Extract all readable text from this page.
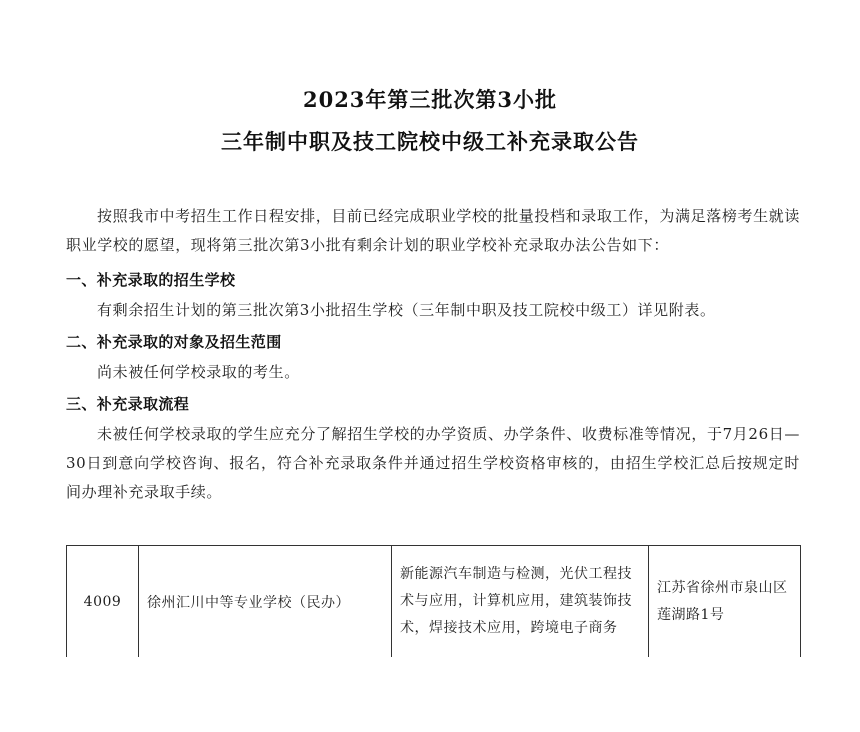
2023年第三批次第3小批
三年制中职及技工院校中级工补充录取公告

按照我市中考招生工作日程安排，目前已经完成职业学校的批量投档和录取工作，为满足落榜考生就读职业学校的愿望，现将第三批次第3小批有剩余计划的职业学校补充录取办法公告如下：

一、补充录取的招生学校

有剩余招生计划的第三批次第3小批招生学校（三年制中职及技工院校中级工）详见附表。

二、补充录取的对象及招生范围

尚未被任何学校录取的考生。

三、补充录取流程

未被任何学校录取的学生应充分了解招生学校的办学资质、办学条件、收费标准等情况，于7月26日—30日到意向学校咨询、报名，符合补充录取条件并通过招生学校资格审核的，由招生学校汇总后按规定时间办理补充录取手续。

4009	徐州汇川中等专业学校（民办）	新能源汽车制造与检测，光伏工程技术与应用，计算机应用，建筑装饰技术，焊接技术应用，跨境电子商务	江苏省徐州市泉山区莲湖路1号
